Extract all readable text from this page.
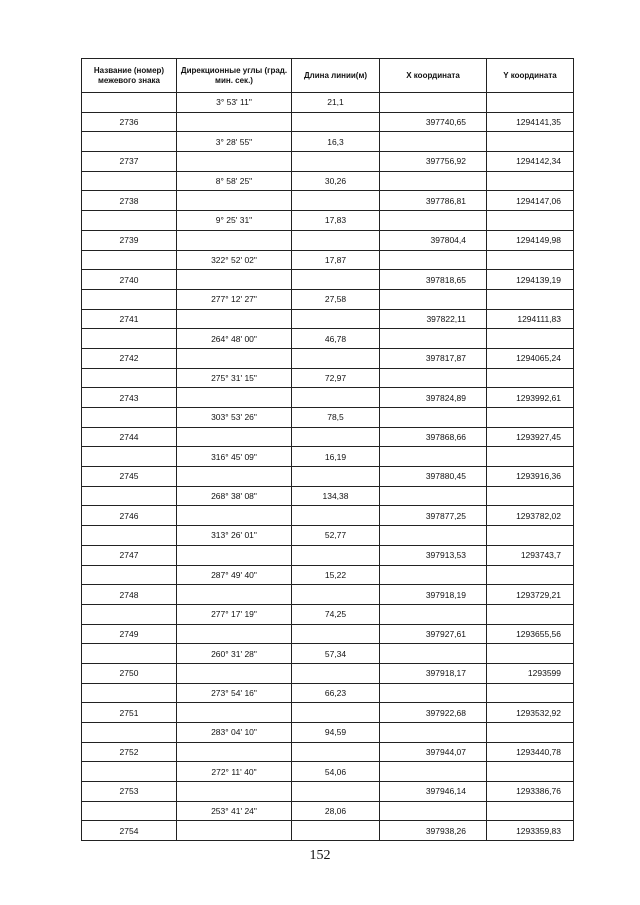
Название (номер) межевого знака	Дирекционные углы (град. мин. сек.)	Длина линии(м)	X координата	Y координата
	3° 53' 11"	21,1		
2736			397740,65	1294141,35
	3° 28' 55"	16,3		
2737			397756,92	1294142,34
	8° 58' 25"	30,26		
2738			397786,81	1294147,06
	9° 25' 31"	17,83		
2739			397804,4	1294149,98
	322° 52' 02"	17,87		
2740			397818,65	1294139,19
	277° 12' 27"	27,58		
2741			397822,11	1294111,83
	264° 48' 00"	46,78		
2742			397817,87	1294065,24
	275° 31' 15"	72,97		
2743			397824,89	1293992,61
	303° 53' 26"	78,5		
2744			397868,66	1293927,45
	316° 45' 09"	16,19		
2745			397880,45	1293916,36
	268° 38' 08"	134,38		
2746			397877,25	1293782,02
	313° 26' 01"	52,77		
2747			397913,53	1293743,7
	287° 49' 40"	15,22		
2748			397918,19	1293729,21
	277° 17' 19"	74,25		
2749			397927,61	1293655,56
	260° 31' 28"	57,34		
2750			397918,17	1293599
	273° 54' 16"	66,23		
2751			397922,68	1293532,92
	283° 04' 10"	94,59		
2752			397944,07	1293440,78
	272° 11' 40"	54,06		
2753			397946,14	1293386,76
	253° 41' 24"	28,06		
2754			397938,26	1293359,83
152
